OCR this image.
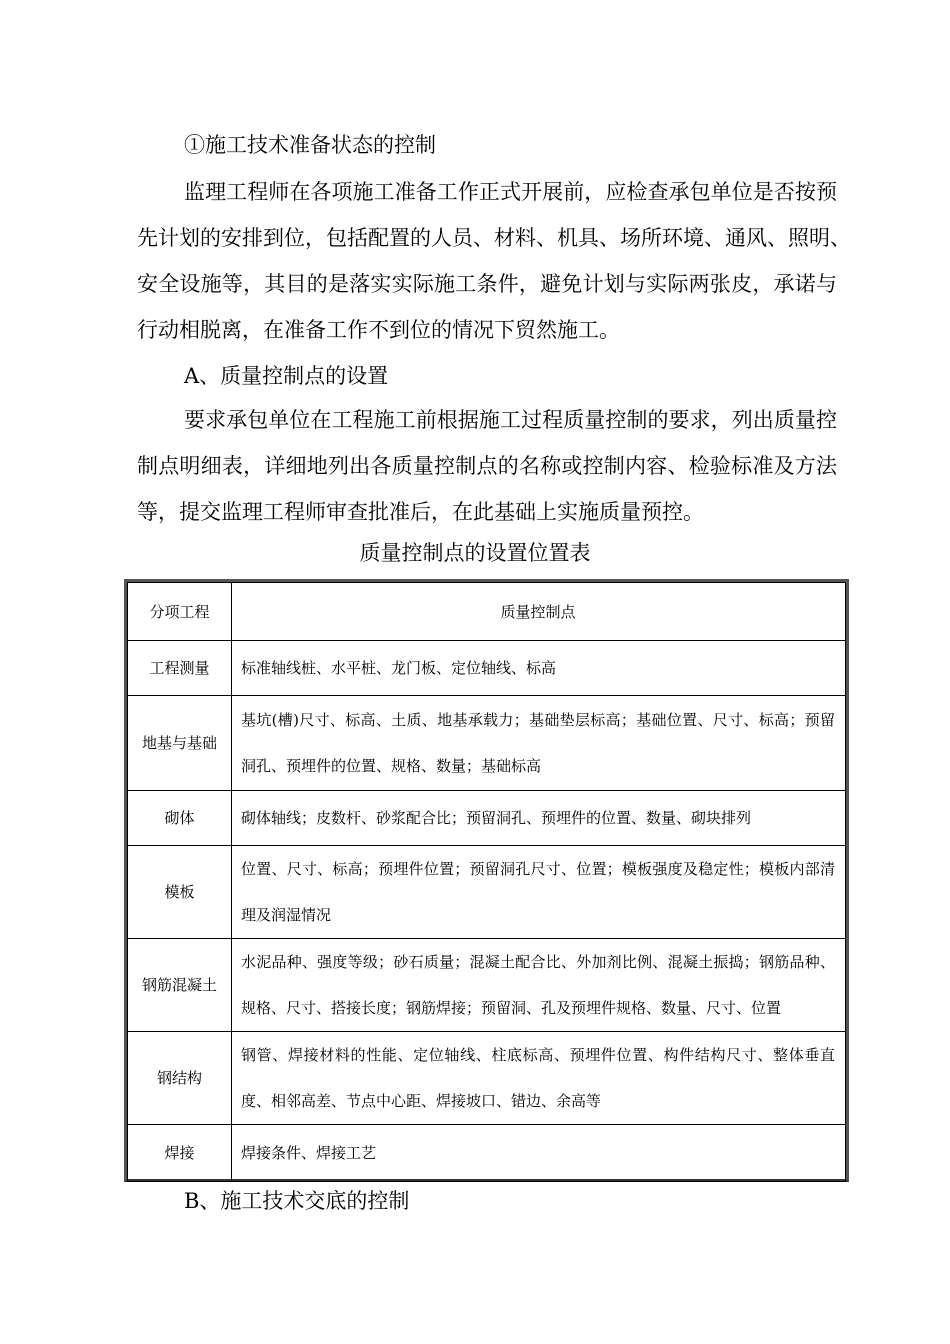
①施工技术准备状态的控制
监理工程师在各项施工准备工作正式开展前，应检查承包单位是否按预
先计划的安排到位，包括配置的人员、材料、机具、场所环境、通风、照明、
安全设施等，其目的是落实实际施工条件，避免计划与实际两张皮，承诺与
行动相脱离，在准备工作不到位的情况下贸然施工。
A、质量控制点的设置
要求承包单位在工程施工前根据施工过程质量控制的要求，列出质量控
制点明细表，详细地列出各质量控制点的名称或控制内容、检验标准及方法
等，提交监理工程师审查批准后，在此基础上实施质量预控。
质量控制点的设置位置表
分项工程	质量控制点
工程测量	标准轴线桩、水平桩、龙门板、定位轴线、标高
地基与基础	基坑(槽)尺寸、标高、土质、地基承载力；基础垫层标高；基础位置、尺寸、标高；预留洞孔、预埋件的位置、规格、数量；基础标高
砌体	砌体轴线；皮数杆、砂浆配合比；预留洞孔、预埋件的位置、数量、砌块排列
模板	位置、尺寸、标高；预埋件位置；预留洞孔尺寸、位置；模板强度及稳定性；模板内部清理及润湿情况
钢筋混凝土	水泥品种、强度等级；砂石质量；混凝土配合比、外加剂比例、混凝土振捣；钢筋品种、规格、尺寸、搭接长度；钢筋焊接；预留洞、孔及预埋件规格、数量、尺寸、位置
钢结构	钢管、焊接材料的性能、定位轴线、柱底标高、预埋件位置、构件结构尺寸、整体垂直度、相邻高差、节点中心距、焊接坡口、错边、余高等
焊接	焊接条件、焊接工艺
B、施工技术交底的控制
